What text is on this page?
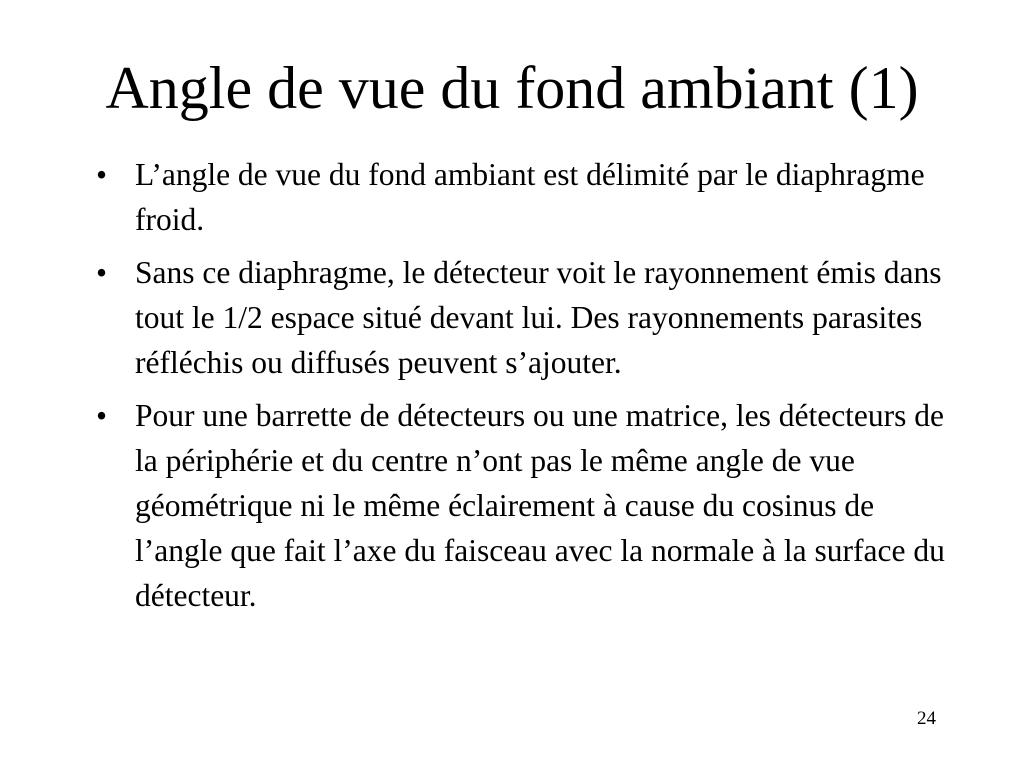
Angle de vue du fond ambiant (1)
• L’angle de vue du fond ambiant est délimité par le diaphragme froid.
• Sans ce diaphragme, le détecteur voit le rayonnement émis dans tout le 1/2 espace situé devant lui. Des rayonnements parasites réfléchis ou diffusés peuvent s’ajouter.
• Pour une barrette de détecteurs ou une matrice, les détecteurs de la périphérie et du centre n’ont pas le même angle de vue géométrique ni le même éclairement à cause du cosinus de l’angle que fait l’axe du faisceau avec la normale à la surface du détecteur.
24
